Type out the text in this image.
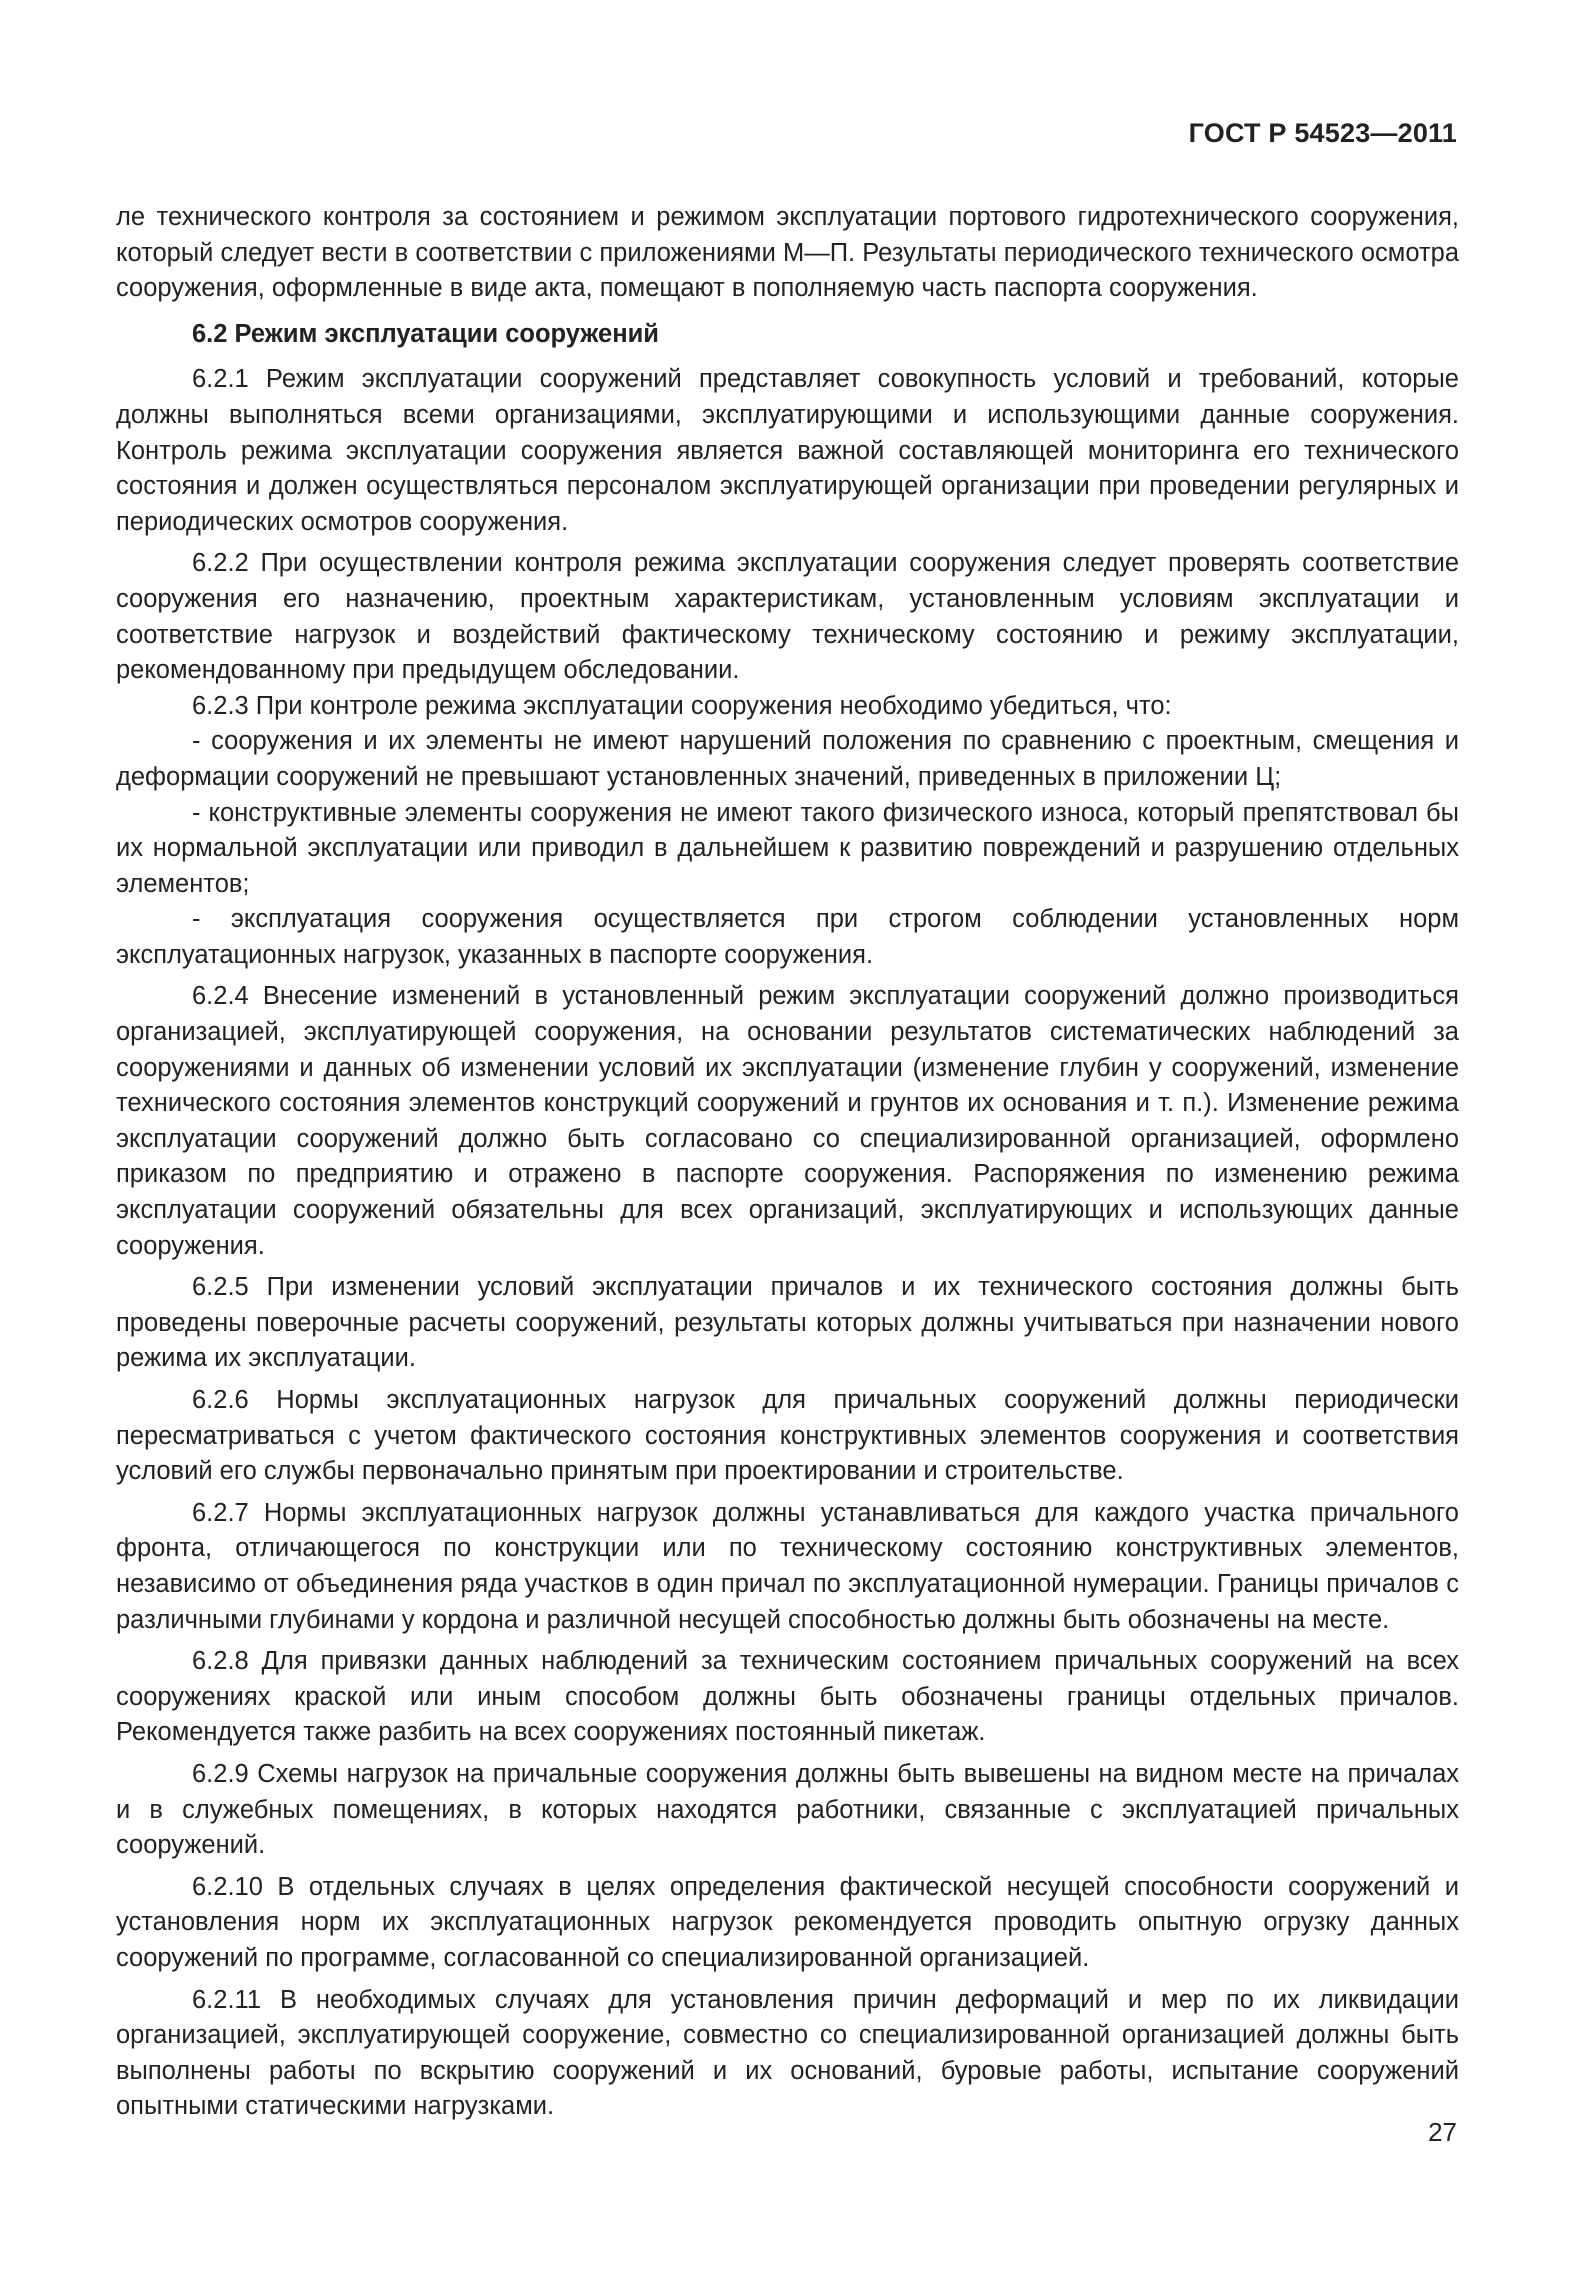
ГОСТ Р 54523—2011

ле технического контроля за состоянием и режимом эксплуатации портового гидротехнического сооружения, который следует вести в соответствии с приложениями М—П. Результаты периодического технического осмотра сооружения, оформленные в виде акта, помещают в пополняемую часть паспорта сооружения.

6.2 Режим эксплуатации сооружений

6.2.1 Режим эксплуатации сооружений представляет совокупность условий и требований, которые должны выполняться всеми организациями, эксплуатирующими и использующими данные сооружения. Контроль режима эксплуатации сооружения является важной составляющей мониторинга его технического состояния и должен осуществляться персоналом эксплуатирующей организации при проведении регулярных и периодических осмотров сооружения.

6.2.2 При осуществлении контроля режима эксплуатации сооружения следует проверять соответствие сооружения его назначению, проектным характеристикам, установленным условиям эксплуатации и соответствие нагрузок и воздействий фактическому техническому состоянию и режиму эксплуатации, рекомендованному при предыдущем обследовании.

6.2.3 При контроле режима эксплуатации сооружения необходимо убедиться, что:

- сооружения и их элементы не имеют нарушений положения по сравнению с проектным, смещения и деформации сооружений не превышают установленных значений, приведенных в приложении Ц;

- конструктивные элементы сооружения не имеют такого физического износа, который препятствовал бы их нормальной эксплуатации или приводил в дальнейшем к развитию повреждений и разрушению отдельных элементов;

- эксплуатация сооружения осуществляется при строгом соблюдении установленных норм эксплуатационных нагрузок, указанных в паспорте сооружения.

6.2.4 Внесение изменений в установленный режим эксплуатации сооружений должно производиться организацией, эксплуатирующей сооружения, на основании результатов систематических наблюдений за сооружениями и данных об изменении условий их эксплуатации (изменение глубин у сооружений, изменение технического состояния элементов конструкций сооружений и грунтов их основания и т. п.). Изменение режима эксплуатации сооружений должно быть согласовано со специализированной организацией, оформлено приказом по предприятию и отражено в паспорте сооружения. Распоряжения по изменению режима эксплуатации сооружений обязательны для всех организаций, эксплуатирующих и использующих данные сооружения.

6.2.5 При изменении условий эксплуатации причалов и их технического состояния должны быть проведены поверочные расчеты сооружений, результаты которых должны учитываться при назначении нового режима их эксплуатации.

6.2.6 Нормы эксплуатационных нагрузок для причальных сооружений должны периодически пересматриваться с учетом фактического состояния конструктивных элементов сооружения и соответствия условий его службы первоначально принятым при проектировании и строительстве.

6.2.7 Нормы эксплуатационных нагрузок должны устанавливаться для каждого участка причального фронта, отличающегося по конструкции или по техническому состоянию конструктивных элементов, независимо от объединения ряда участков в один причал по эксплуатационной нумерации. Границы причалов с различными глубинами у кордона и различной несущей способностью должны быть обозначены на месте.

6.2.8 Для привязки данных наблюдений за техническим состоянием причальных сооружений на всех сооружениях краской или иным способом должны быть обозначены границы отдельных причалов. Рекомендуется также разбить на всех сооружениях постоянный пикетаж.

6.2.9 Схемы нагрузок на причальные сооружения должны быть вывешены на видном месте на причалах и в служебных помещениях, в которых находятся работники, связанные с эксплуатацией причальных сооружений.

6.2.10 В отдельных случаях в целях определения фактической несущей способности сооружений и установления норм их эксплуатационных нагрузок рекомендуется проводить опытную огрузку данных сооружений по программе, согласованной со специализированной организацией.

6.2.11 В необходимых случаях для установления причин деформаций и мер по их ликвидации организацией, эксплуатирующей сооружение, совместно со специализированной организацией должны быть выполнены работы по вскрытию сооружений и их оснований, буровые работы, испытание сооружений опытными статическими нагрузками.

27
